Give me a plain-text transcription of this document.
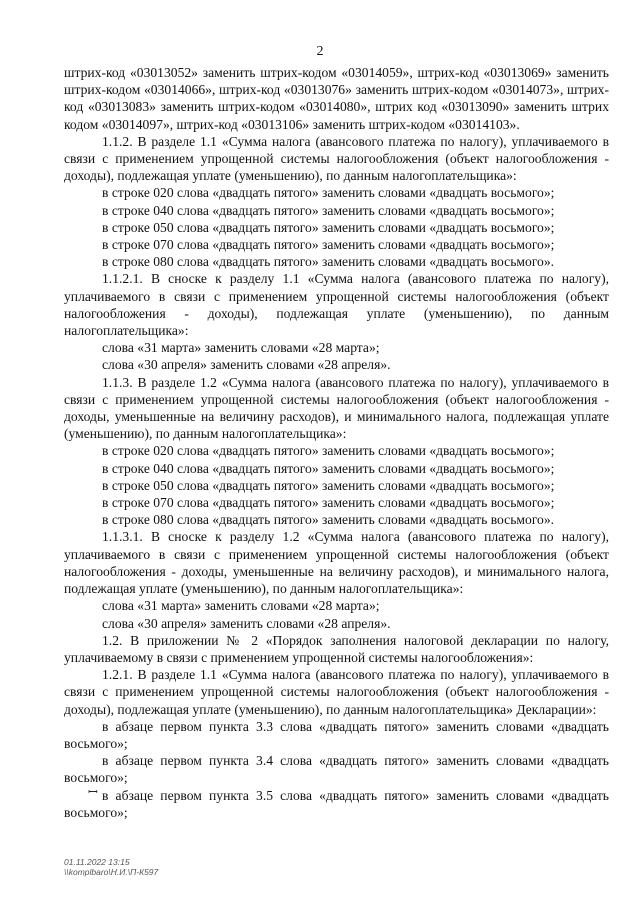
2

штрих-код «03013052» заменить штрих-кодом «03014059», штрих-код «03013069» заменить штрих-кодом «03014066», штрих-код «03013076» заменить штрих-кодом «03014073», штрих-код «03013083» заменить штрих-кодом «03014080», штрих код «03013090» заменить штрих кодом «03014097», штрих-код «03013106» заменить штрих-кодом «03014103».

1.1.2. В разделе 1.1 «Сумма налога (авансового платежа по налогу), уплачиваемого в связи с применением упрощенной системы налогообложения (объект налогообложения - доходы), подлежащая уплате (уменьшению), по данным налогоплательщика»:

в строке 020 слова «двадцать пятого» заменить словами «двадцать восьмого»;

в строке 040 слова «двадцать пятого» заменить словами «двадцать восьмого»;

в строке 050 слова «двадцать пятого» заменить словами «двадцать восьмого»;

в строке 070 слова «двадцать пятого» заменить словами «двадцать восьмого»;

в строке 080 слова «двадцать пятого» заменить словами «двадцать восьмого».

1.1.2.1. В сноске к разделу 1.1 «Сумма налога (авансового платежа по налогу), уплачиваемого в связи с применением упрощенной системы налогообложения (объект налогообложения - доходы), подлежащая уплате (уменьшению), по данным налогоплательщика»:

слова «31 марта» заменить словами «28 марта»;

слова «30 апреля» заменить словами «28 апреля».

1.1.3. В разделе 1.2 «Сумма налога (авансового платежа по налогу), уплачиваемого в связи с применением упрощенной системы налогообложения (объект налогообложения - доходы, уменьшенные на величину расходов), и минимального налога, подлежащая уплате (уменьшению), по данным налогоплательщика»:

в строке 020 слова «двадцать пятого» заменить словами «двадцать восьмого»;

в строке 040 слова «двадцать пятого» заменить словами «двадцать восьмого»;

в строке 050 слова «двадцать пятого» заменить словами «двадцать восьмого»;

в строке 070 слова «двадцать пятого» заменить словами «двадцать восьмого»;

в строке 080 слова «двадцать пятого» заменить словами «двадцать восьмого».

1.1.3.1. В сноске к разделу 1.2 «Сумма налога (авансового платежа по налогу), уплачиваемого в связи с применением упрощенной системы налогообложения (объект налогообложения - доходы, уменьшенные на величину расходов), и минимального налога, подлежащая уплате (уменьшению), по данным налогоплательщика»:

слова «31 марта» заменить словами «28 марта»;

слова «30 апреля» заменить словами «28 апреля».

1.2. В приложении № 2 «Порядок заполнения налоговой декларации по налогу, уплачиваемому в связи с применением упрощенной системы налогообложения»:

1.2.1. В разделе 1.1 «Сумма налога (авансового платежа по налогу), уплачиваемого в связи с применением упрощенной системы налогообложения (объект налогообложения - доходы), подлежащая уплате (уменьшению), по данным налогоплательщика» Декларации»:

в абзаце первом пункта 3.3 слова «двадцать пятого» заменить словами «двадцать восьмого»;

в абзаце первом пункта 3.4 слова «двадцать пятого» заменить словами «двадцать восьмого»;

в абзаце первом пункта 3.5 слова «двадцать пятого» заменить словами «двадцать восьмого»;

ꟷ
01.11.2022 13:15
\\komplbaro\Н.И.\П-К597
